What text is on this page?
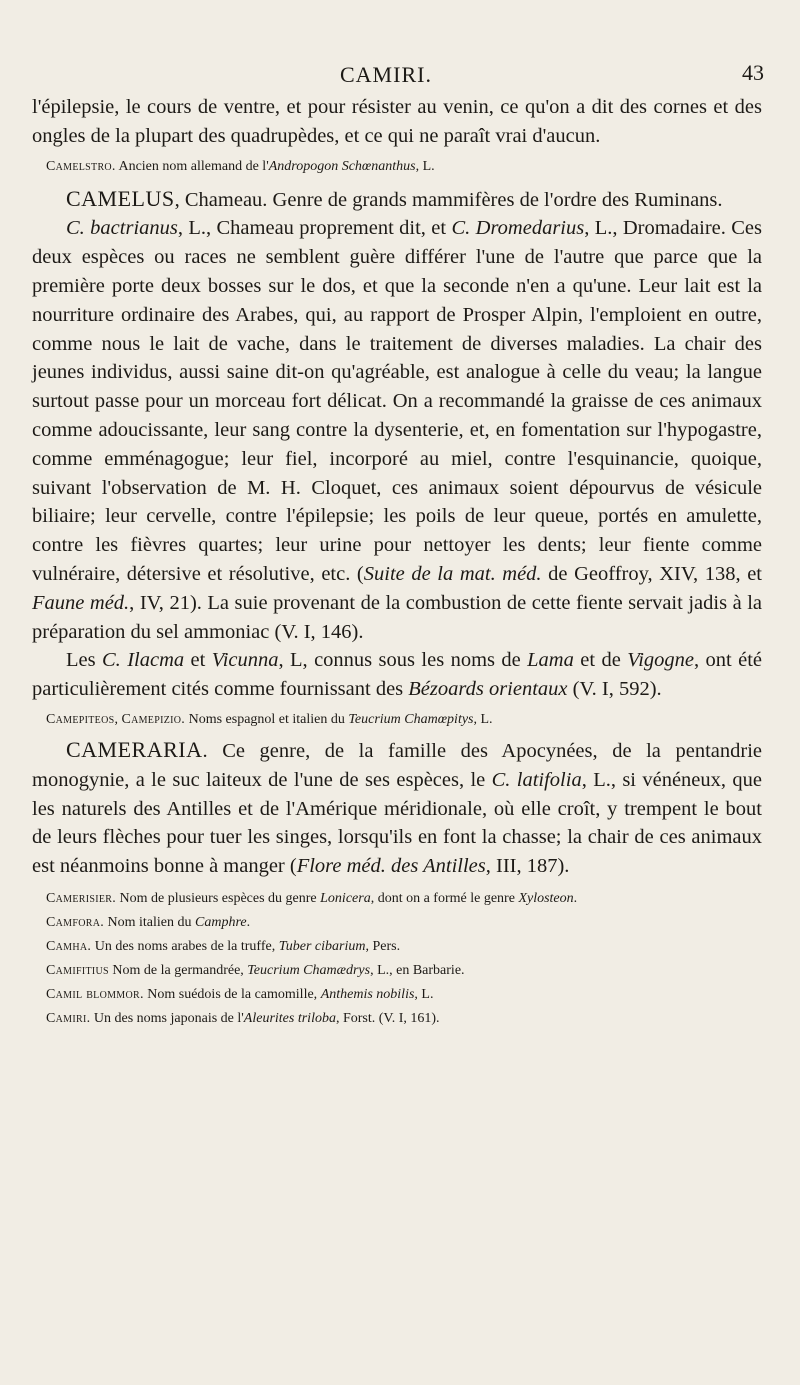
CAMIRI.	43

l'épilepsie, le cours de ventre, et pour résister au venin, ce qu'on a dit des cornes et des ongles de la plupart des quadrupèdes, et ce qui ne paraît vrai d'aucun.

Camelstro. Ancien nom allemand de l'Andropogon Schœnanthus, L.

CAMELUS, Chameau. Genre de grands mammifères de l'ordre des Ruminans.

C. bactrianus, L., Chameau proprement dit, et C. Dromedarius, L., Dromadaire. Ces deux espèces ou races ne semblent guère différer l'une de l'autre que parce que la première porte deux bosses sur le dos, et que la seconde n'en a qu'une. Leur lait est la nourriture ordinaire des Arabes, qui, au rapport de Prosper Alpin, l'emploient en outre, comme nous le lait de vache, dans le traitement de diverses maladies. La chair des jeunes individus, aussi saine dit-on qu'agréable, est analogue à celle du veau; la langue surtout passe pour un morceau fort délicat. On a recommandé la graisse de ces animaux comme adoucissante, leur sang contre la dysenterie, et, en fomentation sur l'hypogastre, comme emménagogue; leur fiel, incorporé au miel, contre l'esquinancie, quoique, suivant l'observation de M. H. Cloquet, ces animaux soient dépourvus de vésicule biliaire; leur cervelle, contre l'épilepsie; les poils de leur queue, portés en amulette, contre les fièvres quartes; leur urine pour nettoyer les dents; leur fiente comme vulnéraire, détersive et résolutive, etc. (Suite de la mat. méd. de Geoffroy, XIV, 138, et Faune méd., IV, 21). La suie provenant de la combustion de cette fiente servait jadis à la préparation du sel ammoniac (V. I, 146).

Les C. Ilacma et Vicunna, L, connus sous les noms de Lama et de Vigogne, ont été particulièrement cités comme fournissant des Bézoards orientaux (V. I, 592).

Camepiteos, Camepizio. Noms espagnol et italien du Teucrium Chamœpitys, L.

CAMERARIA. Ce genre, de la famille des Apocynées, de la pentandrie monogynie, a le suc laiteux de l'une de ses espèces, le C. latifolia, L., si vénéneux, que les naturels des Antilles et de l'Amérique méridionale, où elle croît, y trempent le bout de leurs flèches pour tuer les singes, lorsqu'ils en font la chasse; la chair de ces animaux est néanmoins bonne à manger (Flore méd. des Antilles, III, 187).

Camerisier. Nom de plusieurs espèces du genre Lonicera, dont on a formé le genre Xylosteon.

Camfora. Nom italien du Camphre.

Camha. Un des noms arabes de la truffe, Tuber cibarium, Pers.

Camifitius Nom de la germandrée, Teucrium Chamædrys, L., en Barbarie.

Camil blommor. Nom suédois de la camomille, Anthemis nobilis, L.

Camiri. Un des noms japonais de l'Aleurites triloba, Forst. (V. I, 161).
